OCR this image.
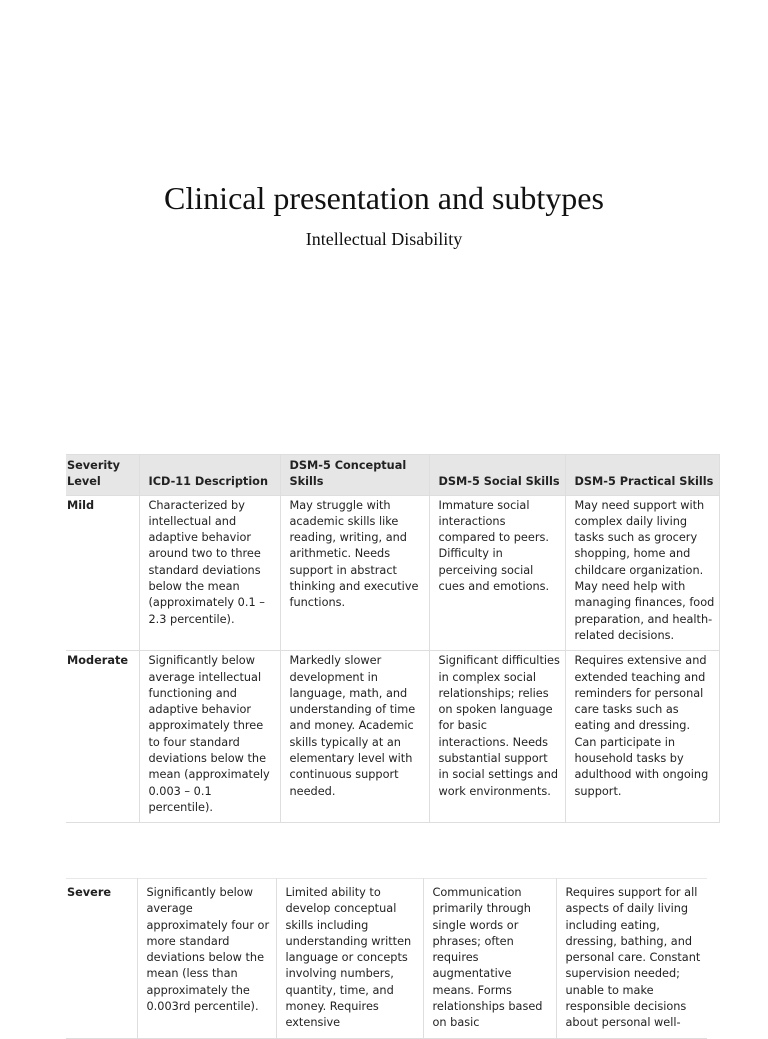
Clinical presentation and subtypes
Intellectual Disability
Severity Level	ICD-11 Description	DSM-5 Conceptual Skills	DSM-5 Social Skills	DSM-5 Practical Skills
Mild	Characterized by intellectual and adaptive behavior around two to three standard deviations below the mean (approximately 0.1 – 2.3 percentile).	May struggle with academic skills like reading, writing, and arithmetic. Needs support in abstract thinking and executive functions.	Immature social interactions compared to peers. Difficulty in perceiving social cues and emotions.	May need support with complex daily living tasks such as grocery shopping, home and childcare organization. May need help with managing finances, food preparation, and health-related decisions.
Moderate	Significantly below average intellectual functioning and adaptive behavior approximately three to four standard deviations below the mean (approximately 0.003 – 0.1 percentile).	Markedly slower development in language, math, and understanding of time and money. Academic skills typically at an elementary level with continuous support needed.	Significant difficulties in complex social relationships; relies on spoken language for basic interactions. Needs substantial support in social settings and work environments.	Requires extensive and extended teaching and reminders for personal care tasks such as eating and dressing. Can participate in household tasks by adulthood with ongoing support.
Severe	Significantly below average approximately four or more standard deviations below the mean (less than approximately the 0.003rd percentile).	Limited ability to develop conceptual skills including understanding written language or concepts involving numbers, quantity, time, and money. Requires extensive	Communication primarily through single words or phrases; often requires augmentative means. Forms relationships based on basic	Requires support for all aspects of daily living including eating, dressing, bathing, and personal care. Constant supervision needed; unable to make responsible decisions about personal well-
